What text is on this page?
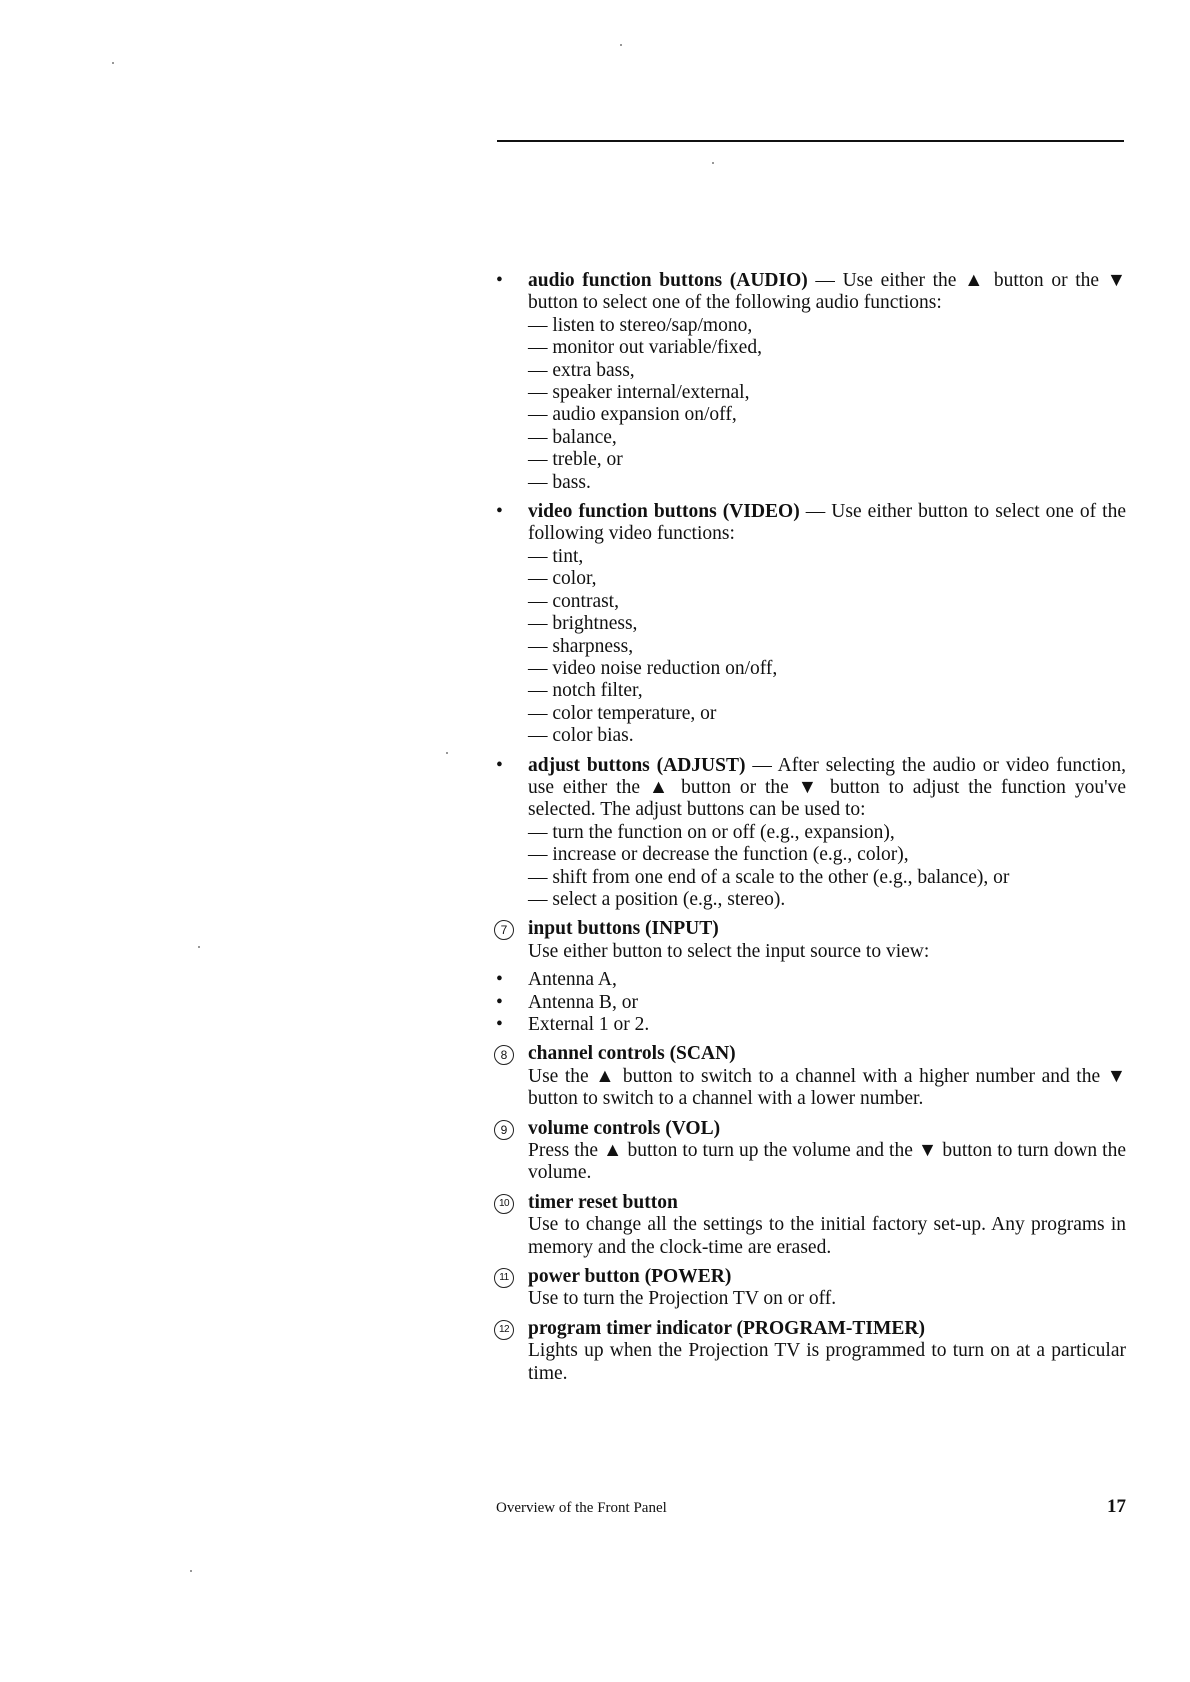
• audio function buttons (AUDIO) — Use either the ▲ button or the ▼ button to select one of the following audio functions:
— listen to stereo/sap/mono,
— monitor out variable/fixed,
— extra bass,
— speaker internal/external,
— audio expansion on/off,
— balance,
— treble, or
— bass.
• video function buttons (VIDEO) — Use either button to select one of the following video functions:
— tint,
— color,
— contrast,
— brightness,
— sharpness,
— video noise reduction on/off,
— notch filter,
— color temperature, or
— color bias.
• adjust buttons (ADJUST) — After selecting the audio or video function, use either the ▲ button or the ▼ button to adjust the function you've selected. The adjust buttons can be used to:
— turn the function on or off (e.g., expansion),
— increase or decrease the function (e.g., color),
— shift from one end of a scale to the other (e.g., balance), or
— select a position (e.g., stereo).
7	input buttons (INPUT)
Use either button to select the input source to view:
• Antenna A,
• Antenna B, or
• External 1 or 2.
8	channel controls (SCAN)
Use the ▲ button to switch to a channel with a higher number and the ▼ button to switch to a channel with a lower number.
9	volume controls (VOL)
Press the ▲ button to turn up the volume and the ▼ button to turn down the volume.
10 timer reset button
Use to change all the settings to the initial factory set-up. Any programs in memory and the clock-time are erased.
11 power button (POWER)
Use to turn the Projection TV on or off.
12 program timer indicator (PROGRAM-TIMER)
Lights up when the Projection TV is programmed to turn on at a particular time.
Overview of the Front Panel	17
